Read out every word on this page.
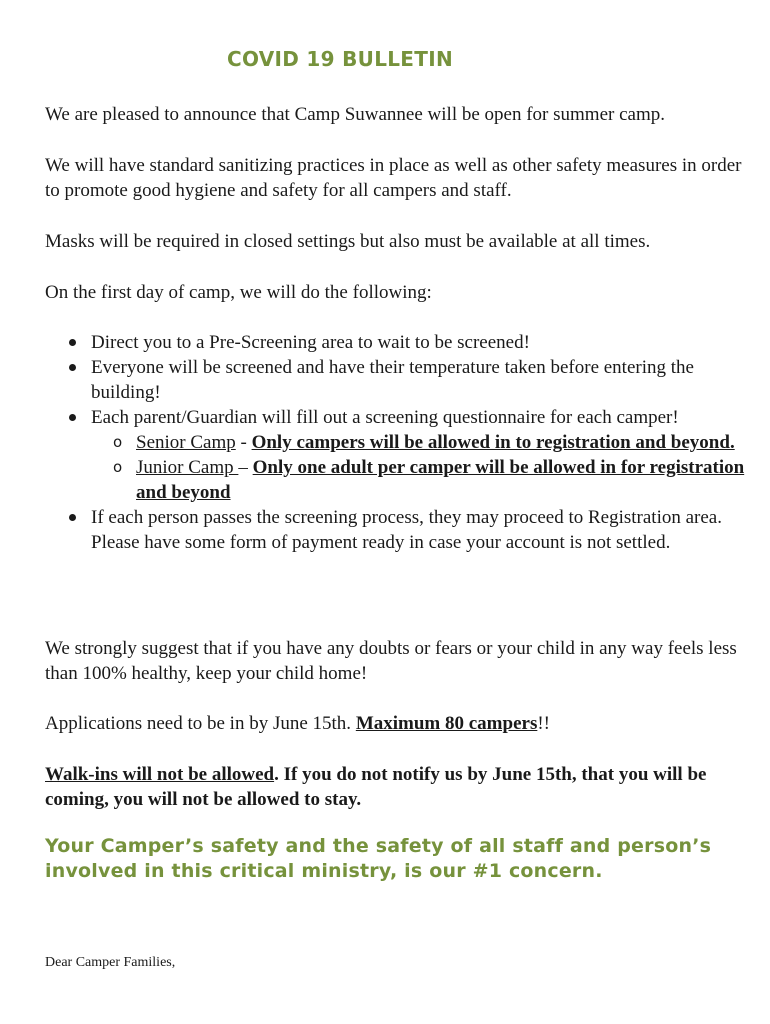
COVID 19 BULLETIN

We are pleased to announce that Camp Suwannee will be open for summer camp.

We will have standard sanitizing practices in place as well as other safety measures in order to promote good hygiene and safety for all campers and staff.

Masks will be required in closed settings but also must be available at all times.

On the first day of camp, we will do the following:

Direct you to a Pre-Screening area to wait to be screened!
Everyone will be screened and have their temperature taken before entering the building!
Each parent/Guardian will fill out a screening questionnaire for each camper!
o Senior Camp - Only campers will be allowed in to registration and beyond.
o Junior Camp – Only one adult per camper will be allowed in for registration and beyond
If each person passes the screening process, they may proceed to Registration area. Please have some form of payment ready in case your account is not settled.

We strongly suggest that if you have any doubts or fears or your child in any way feels less than 100% healthy, keep your child home!

Applications need to be in by June 15th. Maximum 80 campers!!

Walk-ins will not be allowed. If you do not notify us by June 15th, that you will be coming, you will not be allowed to stay.

Your Camper’s safety and the safety of all staff and person’s involved in this critical ministry, is our #1 concern.

Dear Camper Families,
